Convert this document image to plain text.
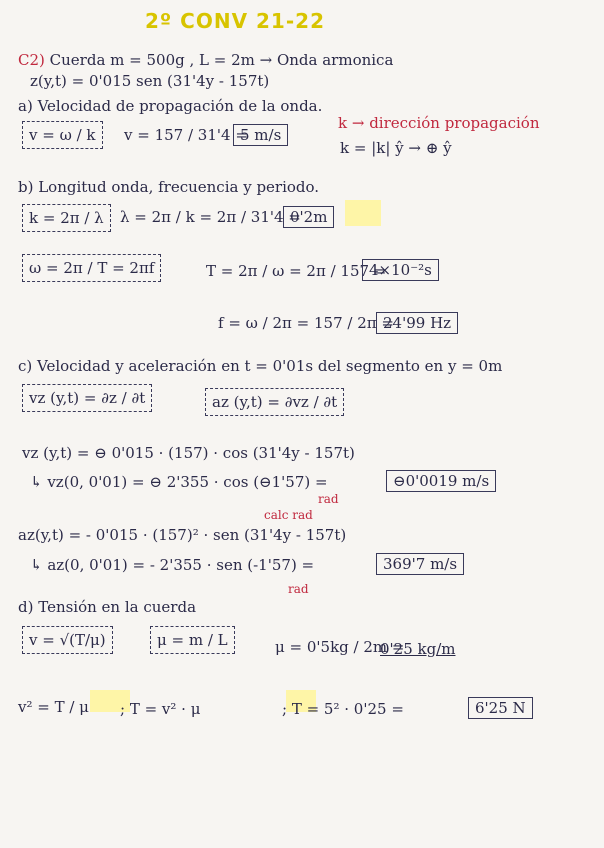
2º CONV 21-22
C2) Cuerda m = 500g , L = 2m → Onda armonica
z(y,t) = 0'015 sen (31'4y - 157t)
a) Velocidad de propagación de la onda.
v = ω / k	v = 157 / 31'4 =
5 m/s
k → dirección propagación
k = |k| ŷ → ⊕ ŷ
b) Longitud onda, frecuencia y periodo.
k = 2π / λ	λ = 2π / k = 2π / 31'4 =
0'2m
ω = 2π / T = 2πf	T = 2π / ω = 2π / 157 =
4×10⁻²s
f = ω / 2π = 157 / 2π =
24'99 Hz
c) Velocidad y aceleración en t = 0'01s del segmento en y = 0m
vz (y,t) = ∂z / ∂t	az (y,t) = ∂vz / ∂t
vz (y,t) = ⊖ 0'015 · (157) · cos (31'4y - 157t)
↳ vz(0, 0'01) = ⊖ 2'355 · cos (⊖1'57) =
rad
calc rad
⊖0'0019 m/s
az(y,t) = - 0'015 · (157)² · sen (31'4y - 157t)
↳ az(0, 0'01) = - 2'355 · sen (-1'57) =
rad
369'7 m/s
d) Tensión en la cuerda
v = √(T/μ)	μ = m / L	μ = 0'5kg / 2m =
0'25 kg/m
v² = T / μ ; T = v² · μ	; T = 5² · 0'25 =	6'25 N
